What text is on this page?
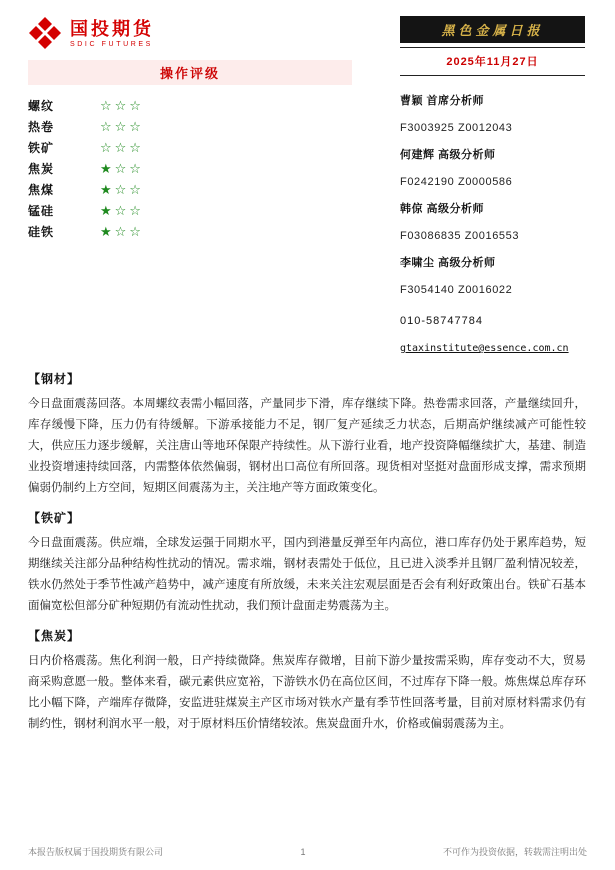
国投期货
SDIC FUTURES
黑色金属日报
2025年11月27日
操作评级
螺纹	☆☆☆
热卷	☆☆☆
铁矿	☆☆☆
焦炭	★☆☆
焦煤	★☆☆
锰硅	★☆☆
硅铁	★☆☆
曹颖 首席分析师
F3003925 Z0012043
何建辉 高级分析师
F0242190 Z0000586
韩倞 高级分析师
F03086835 Z0016553
李啸尘 高级分析师
F3054140 Z0016022
010-58747784
gtaxinstitute@essence.com.cn
【钢材】

今日盘面震荡回落。本周螺纹表需小幅回落，产量同步下滑，库存继续下降。热卷需求回落，产量继续回升，库存缓慢下降，压力仍有待缓解。下游承接能力不足，钢厂复产延续乏力状态，后期高炉继续减产可能性较大，供应压力逐步缓解，关注唐山等地环保限产持续性。从下游行业看，地产投资降幅继续扩大，基建、制造业投资增速持续回落，内需整体依然偏弱，钢材出口高位有所回落。现货相对坚挺对盘面形成支撑，需求预期偏弱仍制约上方空间，短期区间震荡为主，关注地产等方面政策变化。

【铁矿】

今日盘面震荡。供应端，全球发运强于同期水平，国内到港量反弹至年内高位，港口库存仍处于累库趋势，短期继续关注部分品种结构性扰动的情况。需求端，钢材表需处于低位，且已进入淡季并且钢厂盈利情况较差，铁水仍然处于季节性减产趋势中，减产速度有所放缓，未来关注宏观层面是否会有利好政策出台。铁矿石基本面偏宽松但部分矿种短期仍有流动性扰动，我们预计盘面走势震荡为主。

【焦炭】

日内价格震荡。焦化利润一般，日产持续微降。焦炭库存微增，目前下游少量按需采购，库存变动不大，贸易商采购意愿一般。整体来看，碳元素供应宽裕，下游铁水仍在高位区间，不过库存下降一般。炼焦煤总库存环比小幅下降，产端库存微降，安监进驻煤炭主产区市场对铁水产量有季节性回落考量，目前对原材料需求仍有制约性，钢材利润水平一般，对于原材料压价情绪较浓。焦炭盘面升水，价格或偏弱震荡为主。

本报告版权属于国投期货有限公司	1	不可作为投资依据，转载需注明出处
